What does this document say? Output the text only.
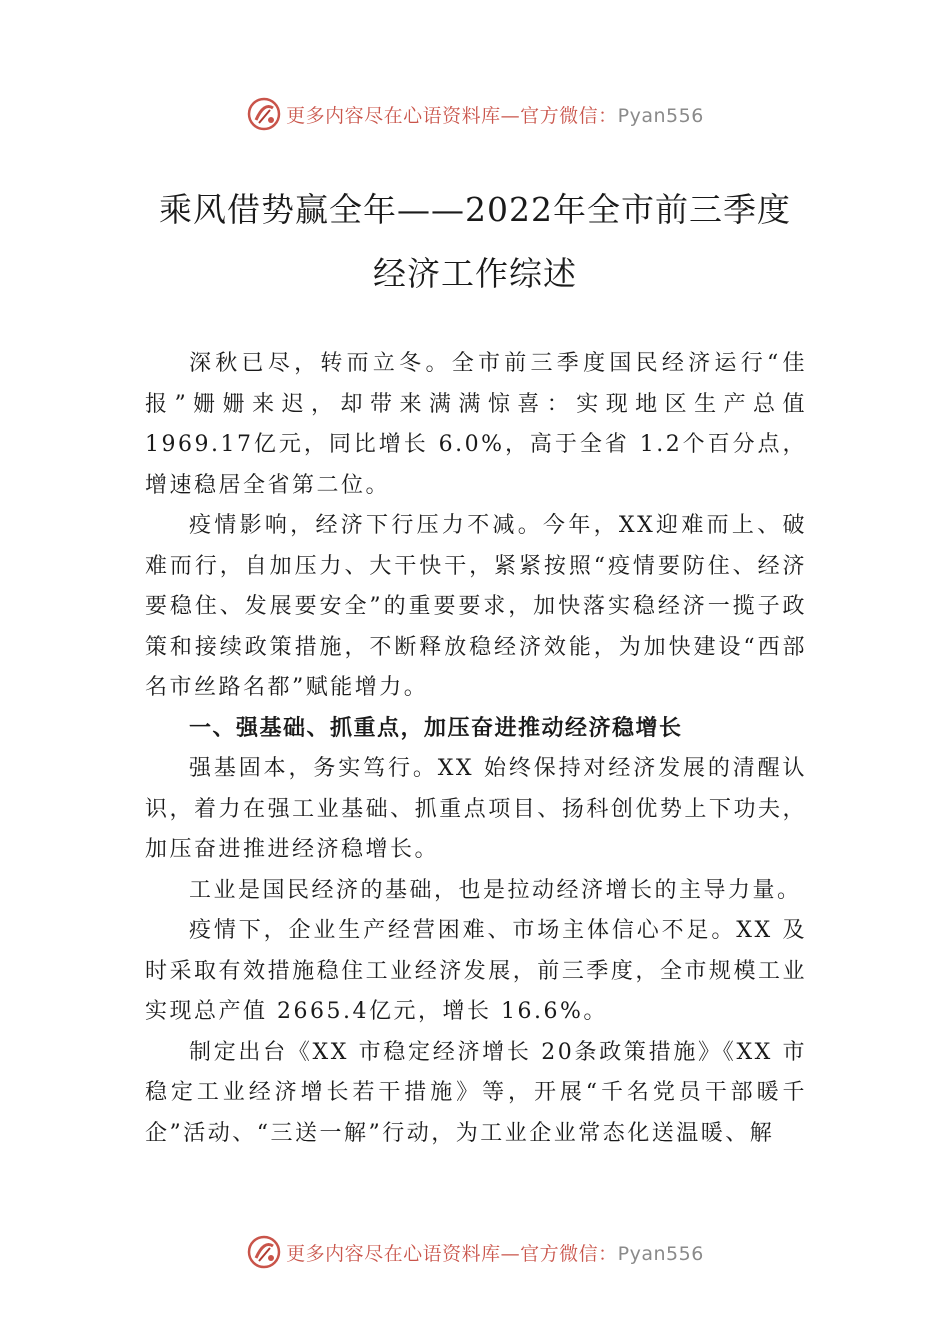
更多内容尽在心语资料库—官方微信：Pyan556
乘风借势赢全年——2022年全市前三季度
经济工作综述

深秋已尽，转而立冬。全市前三季度国民经济运行“佳报”姗姗来迟，却带来满满惊喜：实现地区生产总值 1969.17亿元，同比增长 6.0%，高于全省 1.2个百分点，增速稳居全省第二位。

疫情影响，经济下行压力不减。今年，XX迎难而上、破难而行，自加压力、大干快干，紧紧按照“疫情要防住、经济要稳住、发展要安全”的重要要求，加快落实稳经济一揽子政策和接续政策措施，不断释放稳经济效能，为加快建设“西部名市丝路名都”赋能增力。

一、强基础、抓重点，加压奋进推动经济稳增长

强基固本，务实笃行。XX 始终保持对经济发展的清醒认识，着力在强工业基础、抓重点项目、扬科创优势上下功夫，加压奋进推进经济稳增长。

工业是国民经济的基础，也是拉动经济增长的主导力量。

疫情下，企业生产经营困难、市场主体信心不足。XX 及时采取有效措施稳住工业经济发展，前三季度，全市规模工业实现总产值 2665.4亿元，增长 16.6%。

制定出台《XX 市稳定经济增长 20条政策措施》《XX 市稳定工业经济增长若干措施》等，开展“千名党员干部暖千企”活动、“三送一解”行动，为工业企业常态化送温暖、解

更多内容尽在心语资料库—官方微信：Pyan556
